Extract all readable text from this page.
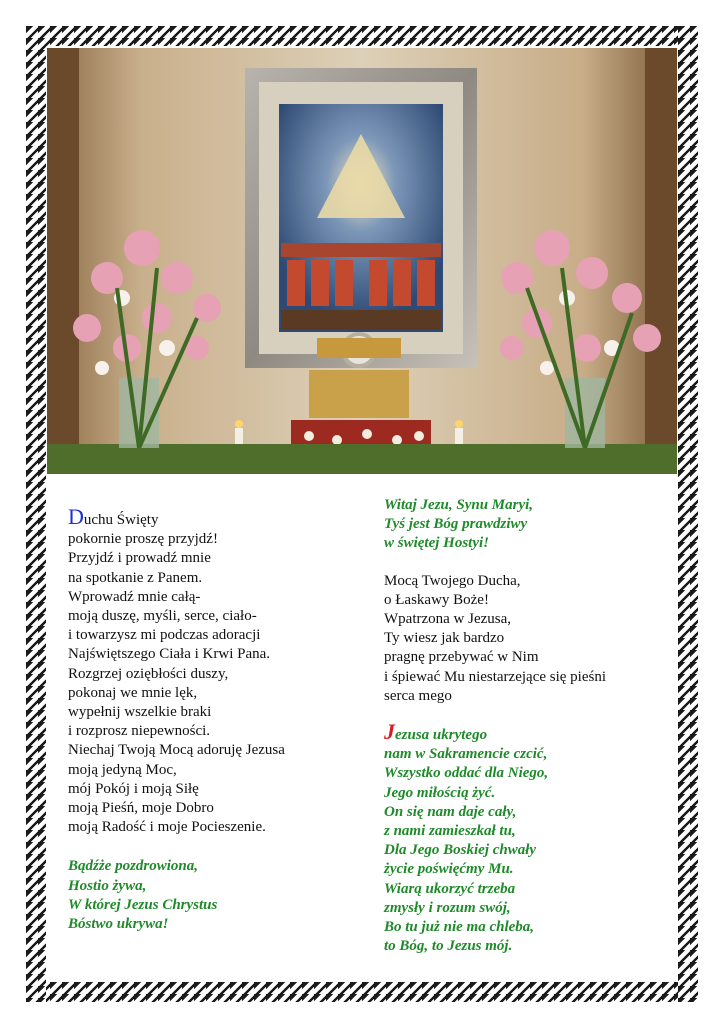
Duchu Święty
pokornie proszę przyjdź!
Przyjdź i prowadź mnie
na spotkanie z Panem.
Wprowadź mnie całą-
moją duszę, myśli, serce, ciało-
i towarzysz mi podczas adoracji
Najświętszego Ciała i Krwi Pana.
Rozgrzej oziębłości duszy,
pokonaj we mnie lęk,
wypełnij wszelkie braki
i rozprosz niepewności.
Niechaj Twoją Mocą adoruję Jezusa
moją jedyną Moc,
mój Pokój i moją Siłę
moją Pieśń, moje Dobro
moją Radość i moje Pocieszenie.
Bądźże pozdrowiona,
Hostio żywa,
W której Jezus Chrystus
Bóstwo ukrywa!
Witaj Jezu, Synu Maryi,
Tyś jest Bóg prawdziwy
w świętej Hostyi!
Mocą Twojego Ducha,
o Łaskawy Boże!
Wpatrzona w Jezusa,
Ty wiesz jak bardzo
pragnę przebywać w Nim
i śpiewać Mu niestarzejące się pieśni
serca mego
Jezusa ukrytego
nam w Sakramencie czcić,
Wszystko oddać dla Niego,
Jego miłością żyć.
On się nam daje cały,
z nami zamieszkał tu,
Dla Jego Boskiej chwały
życie poświęćmy Mu.
Wiarą ukorzyć trzeba
zmysły i rozum swój,
Bo tu już nie ma chleba,
to Bóg, to Jezus mój.
